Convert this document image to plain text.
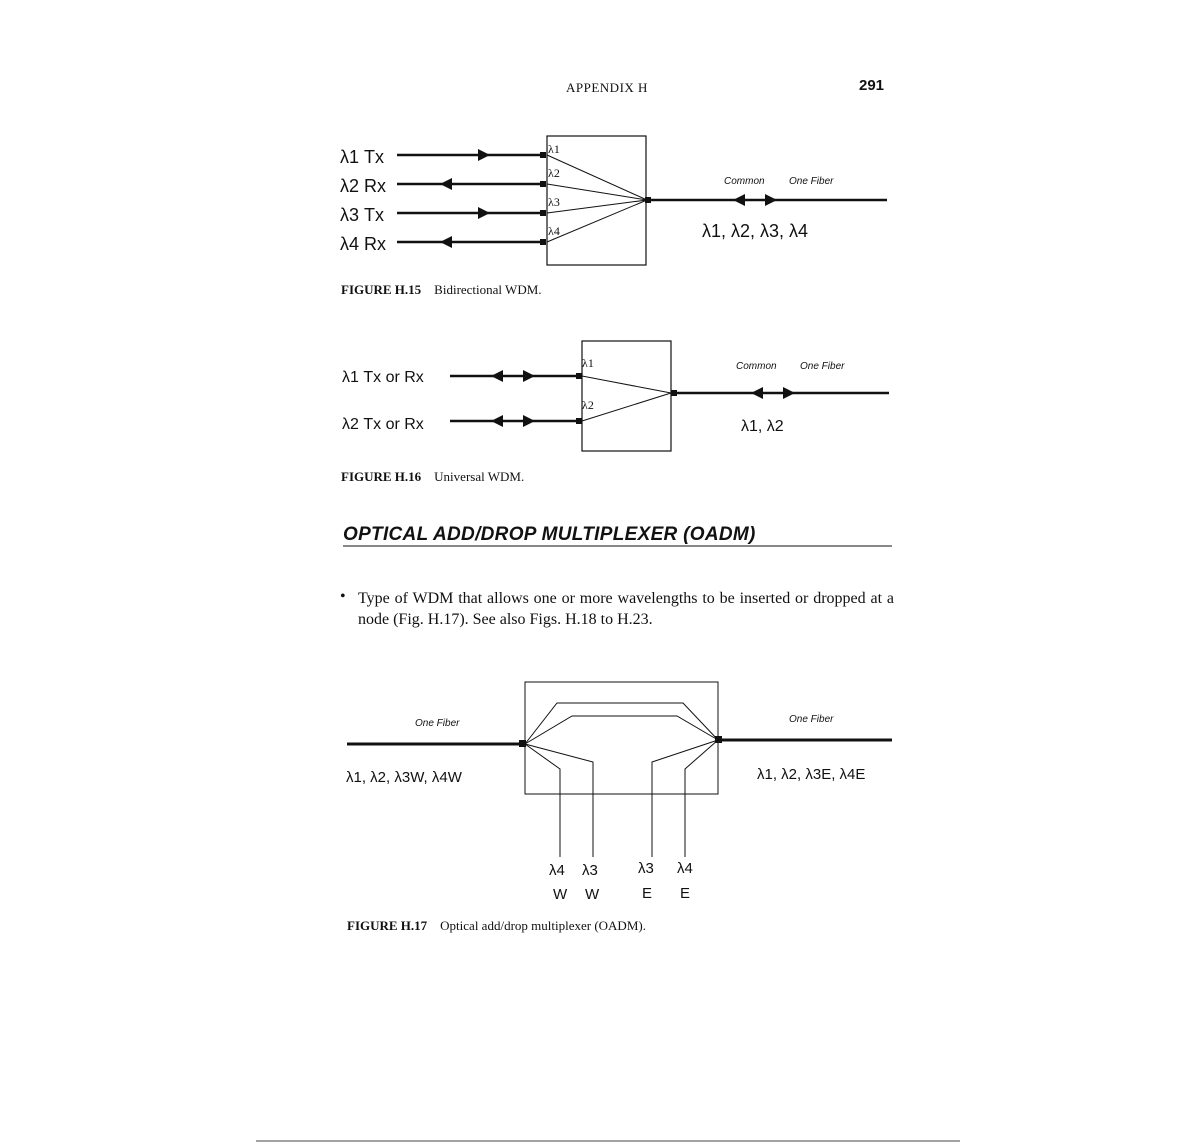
APPENDIX H	291
λ1 Tx
λ2 Rx
λ3 Tx
λ4 Rx
λ1
λ2
λ3
λ4
Common One Fiber
λ1, λ2, λ3, λ4
λ1 Tx or Rx
λ2 Tx or Rx
λ1
λ2
Common One Fiber
λ1, λ2
One Fiber	One Fiber
λ1, λ2, λ3W, λ4W	λ1, λ2, λ3E, λ4E
λ4 λ3	λ3 λ4
W W	E E
FIGURE H.15 Bidirectional WDM.
FIGURE H.16 Universal WDM.
OPTICAL ADD/DROP MULTIPLEXER (OADM)
• Type of WDM that allows one or more wavelengths to be inserted or dropped at a node (Fig. H.17). See also Figs. H.18 to H.23.
FIGURE H.17 Optical add/drop multiplexer (OADM).
